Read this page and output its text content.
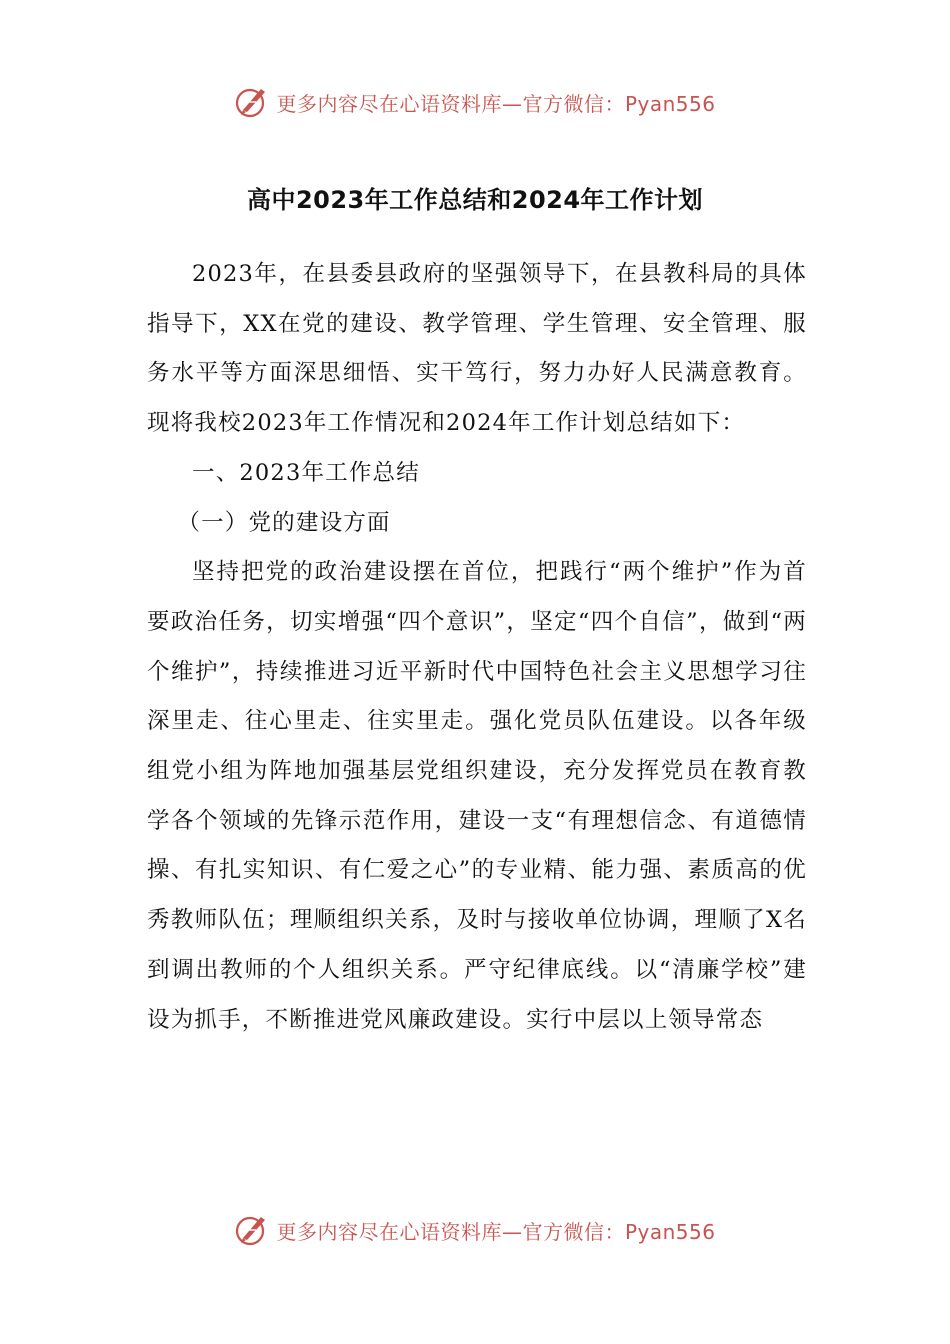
更多内容尽在心语资料库— 官方微信：Pyan556
高中2023年工作总结和2024年工作计划

2023年，在县委县政府的坚强领导下，在县教科局的具体指导下，XX在党的建设、教学管理、学生管理、安全管理、服务水平等方面深思细悟、实干笃行，努力办好人民满意教育。现将我校2023年工作情况和2024年工作计划总结如下：

一、2023年工作总结

（一）党的建设方面

坚持把党的政治建设摆在首位，把践行“两个维护”作为首要政治任务，切实增强“四个意识”，坚定“四个自信”，做到“两个维护”，持续推进习近平新时代中国特色社会主义思想学习往深里走、往心里走、往实里走。强化党员队伍建设。以各年级组党小组为阵地加强基层党组织建设，充分发挥党员在教育教学各个领域的先锋示范作用，建设一支“有理想信念、有道德情操、有扎实知识、有仁爱之心”的专业精、能力强、素质高的优秀教师队伍；理顺组织关系，及时与接收单位协调，理顺了X名到调出教师的个人组织关系。严守纪律底线。以“清廉学校”建设为抓手，不断推进党风廉政建设。实行中层以上领导常态

更多内容尽在心语资料库— 官方微信：Pyan556
